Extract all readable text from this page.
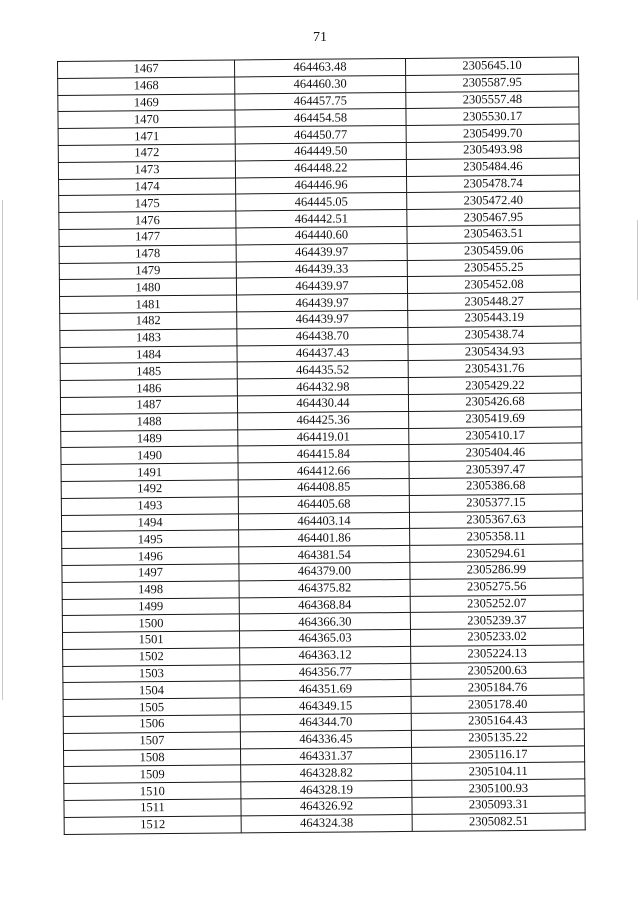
71
1467	464463.48	2305645.10
1468	464460.30	2305587.95
1469	464457.75	2305557.48
1470	464454.58	2305530.17
1471	464450.77	2305499.70
1472	464449.50	2305493.98
1473	464448.22	2305484.46
1474	464446.96	2305478.74
1475	464445.05	2305472.40
1476	464442.51	2305467.95
1477	464440.60	2305463.51
1478	464439.97	2305459.06
1479	464439.33	2305455.25
1480	464439.97	2305452.08
1481	464439.97	2305448.27
1482	464439.97	2305443.19
1483	464438.70	2305438.74
1484	464437.43	2305434.93
1485	464435.52	2305431.76
1486	464432.98	2305429.22
1487	464430.44	2305426.68
1488	464425.36	2305419.69
1489	464419.01	2305410.17
1490	464415.84	2305404.46
1491	464412.66	2305397.47
1492	464408.85	2305386.68
1493	464405.68	2305377.15
1494	464403.14	2305367.63
1495	464401.86	2305358.11
1496	464381.54	2305294.61
1497	464379.00	2305286.99
1498	464375.82	2305275.56
1499	464368.84	2305252.07
1500	464366.30	2305239.37
1501	464365.03	2305233.02
1502	464363.12	2305224.13
1503	464356.77	2305200.63
1504	464351.69	2305184.76
1505	464349.15	2305178.40
1506	464344.70	2305164.43
1507	464336.45	2305135.22
1508	464331.37	2305116.17
1509	464328.82	2305104.11
1510	464328.19	2305100.93
1511	464326.92	2305093.31
1512	464324.38	2305082.51
